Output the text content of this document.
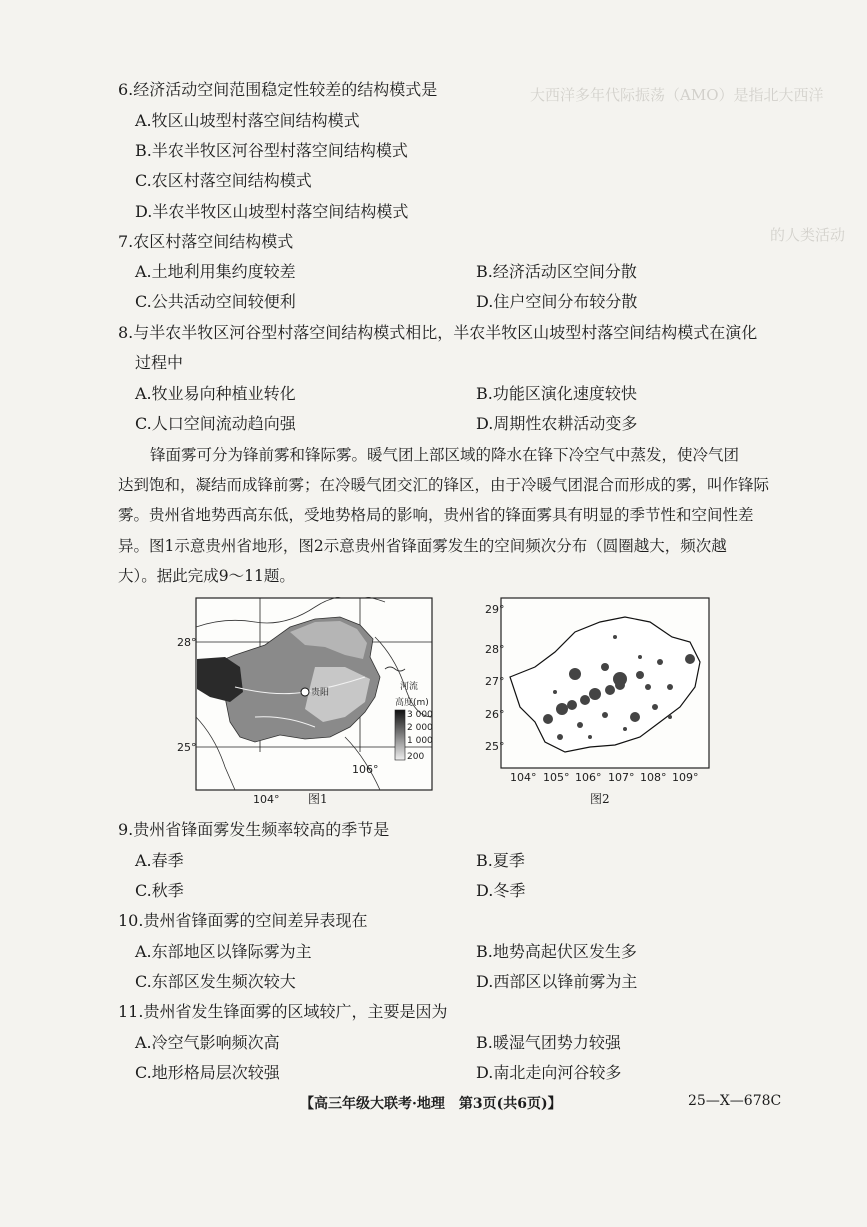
大西洋多年代际振荡（AMO）是指北大西洋
的人类活动
6.经济活动空间范围稳定性较差的结构模式是
A.牧区山坡型村落空间结构模式
B.半农半牧区河谷型村落空间结构模式
C.农区村落空间结构模式
D.半农半牧区山坡型村落空间结构模式
7.农区村落空间结构模式
A.土地利用集约度较差	B.经济活动区空间分散
C.公共活动空间较便利	D.住户空间分布较分散
8.与半农半牧区河谷型村落空间结构模式相比，半农半牧区山坡型村落空间结构模式在演化
过程中
A.牧业易向种植业转化	B.功能区演化速度较快
C.人口空间流动趋向强	D.周期性农耕活动变多
锋面雾可分为锋前雾和锋际雾。暖气团上部区域的降水在锋下冷空气中蒸发，使冷气团
达到饱和，凝结而成锋前雾；在冷暖气团交汇的锋区，由于冷暖气团混合而形成的雾，叫作锋际
雾。贵州省地势西高东低，受地势格局的影响，贵州省的锋面雾具有明显的季节性和空间性差
异。图1示意贵州省地形，图2示意贵州省锋面雾发生的空间频次分布（圆圈越大，频次越
大）。据此完成9～11题。
贵阳
河流
高度(m)
3 000
2 000
1 000
200
28°
25°
104°
106°
图1
29°
28°
27°
26°
25°
104° 105° 106° 107° 108° 109°
图2
9.贵州省锋面雾发生频率较高的季节是
A.春季	B.夏季
C.秋季	D.冬季
10.贵州省锋面雾的空间差异表现在
A.东部地区以锋际雾为主	B.地势高起伏区发生多
C.东部区发生频次较大	D.西部区以锋前雾为主
11.贵州省发生锋面雾的区域较广，主要是因为
A.冷空气影响频次高	B.暖湿气团势力较强
C.地形格局层次较强	D.南北走向河谷较多
【高三年级大联考·地理　第3页(共6页)】	25—X—678C
